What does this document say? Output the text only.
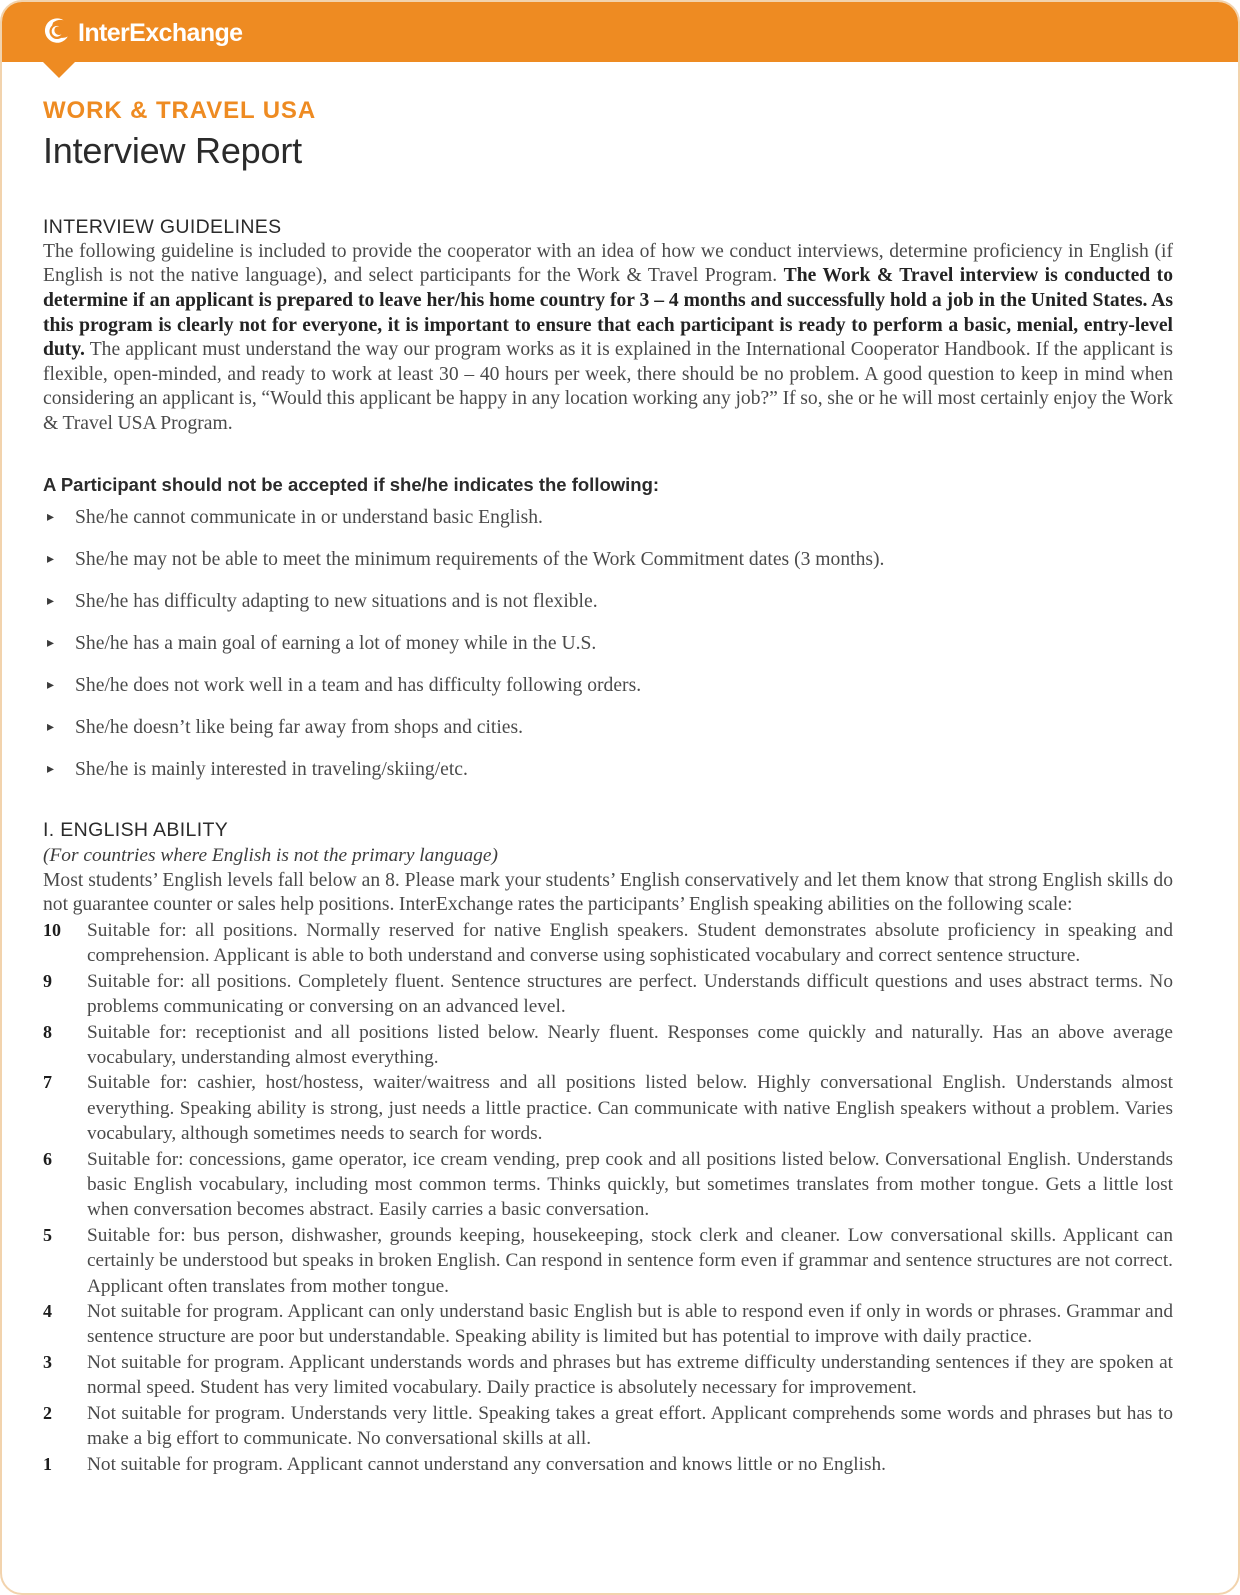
InterExchange

WORK & TRAVEL USA

Interview Report
INTERVIEW GUIDELINES

The following guideline is included to provide the cooperator with an idea of how we conduct interviews, determine proficiency in English (if English is not the native language), and select participants for the Work & Travel Program. The Work & Travel interview is conducted to determine if an applicant is prepared to leave her/his home country for 3 – 4 months and successfully hold a job in the United States. As this program is clearly not for everyone, it is important to ensure that each participant is ready to perform a basic, menial, entry-level duty. The applicant must understand the way our program works as it is explained in the International Cooperator Handbook. If the applicant is flexible, open-minded, and ready to work at least 30 – 40 hours per week, there should be no problem. A good question to keep in mind when considering an applicant is, “Would this applicant be happy in any location working any job?” If so, she or he will most certainly enjoy the Work & Travel USA Program.

A Participant should not be accepted if she/he indicates the following:
▸ She/he cannot communicate in or understand basic English.
▸ She/he may not be able to meet the minimum requirements of the Work Commitment dates (3 months).
▸ She/he has difficulty adapting to new situations and is not flexible.
▸ She/he has a main goal of earning a lot of money while in the U.S.
▸ She/he does not work well in a team and has difficulty following orders.
▸ She/he doesn’t like being far away from shops and cities.
▸ She/he is mainly interested in traveling/skiing/etc.
I. ENGLISH ABILITY

(For countries where English is not the primary language)

Most students’ English levels fall below an 8. Please mark your students’ English conservatively and let them know that strong English skills do not guarantee counter or sales help positions. InterExchange rates the participants’ English speaking abilities on the following scale:

10	Suitable for: all positions. Normally reserved for native English speakers. Student demonstrates absolute proficiency in speaking and comprehension. Applicant is able to both understand and converse using sophisticated vocabulary and correct sentence structure.
9	Suitable for: all positions. Completely fluent. Sentence structures are perfect. Understands difficult questions and uses abstract terms. No problems communicating or conversing on an advanced level.
8	Suitable for: receptionist and all positions listed below. Nearly fluent. Responses come quickly and naturally. Has an above average vocabulary, understanding almost everything.
7	Suitable for: cashier, host/hostess, waiter/waitress and all positions listed below. Highly conversational English. Understands almost everything. Speaking ability is strong, just needs a little practice. Can communicate with native English speakers without a problem. Varies vocabulary, although sometimes needs to search for words.
6	Suitable for: concessions, game operator, ice cream vending, prep cook and all positions listed below. Conversational English. Understands basic English vocabulary, including most common terms. Thinks quickly, but sometimes translates from mother tongue. Gets a little lost when conversation becomes abstract. Easily carries a basic conversation.
5	Suitable for: bus person, dishwasher, grounds keeping, housekeeping, stock clerk and cleaner. Low conversational skills. Applicant can certainly be understood but speaks in broken English. Can respond in sentence form even if grammar and sentence structures are not correct. Applicant often translates from mother tongue.
4	Not suitable for program. Applicant can only understand basic English but is able to respond even if only in words or phrases. Grammar and sentence structure are poor but understandable. Speaking ability is limited but has potential to improve with daily practice.
3	Not suitable for program. Applicant understands words and phrases but has extreme difficulty understanding sentences if they are spoken at normal speed. Student has very limited vocabulary. Daily practice is absolutely necessary for improvement.
2	Not suitable for program. Understands very little. Speaking takes a great effort. Applicant comprehends some words and phrases but has to make a big effort to communicate. No conversational skills at all.
1	Not suitable for program. Applicant cannot understand any conversation and knows little or no English.
